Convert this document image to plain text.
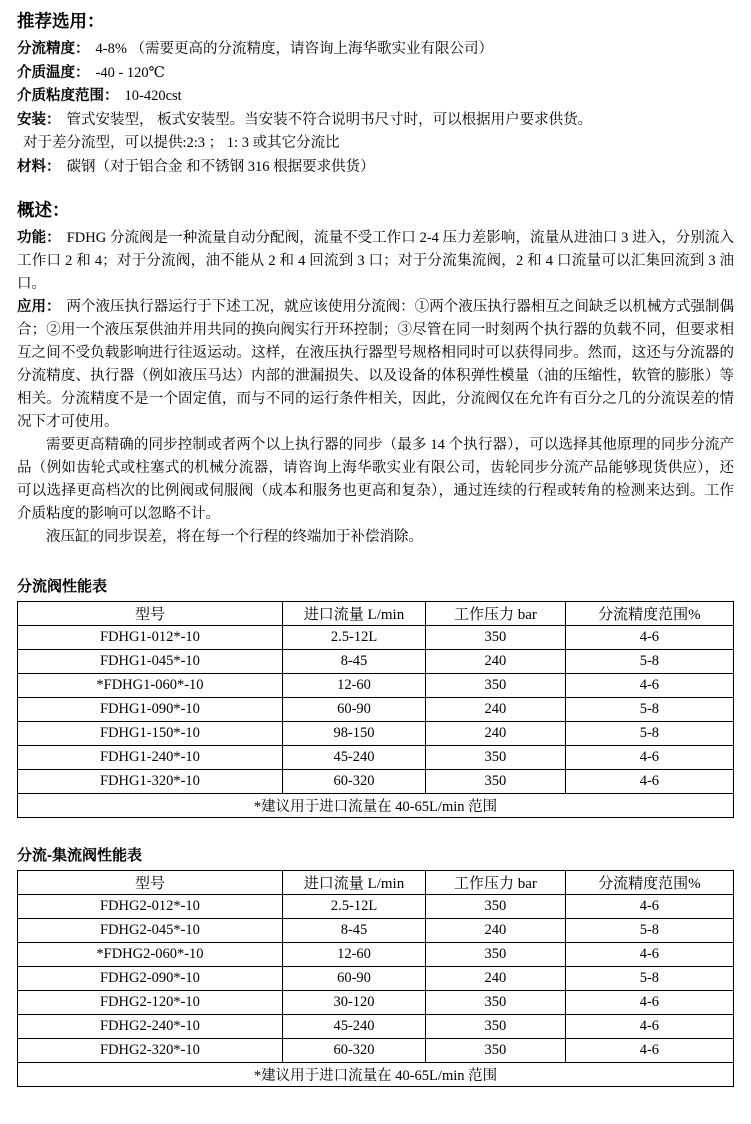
推荐选用：
分流精度： 4-8% （需要更高的分流精度，请咨询上海华歌实业有限公司）
介质温度： -40 - 120℃
介质粘度范围： 10-420cst
安装： 管式安装型， 板式安装型。当安装不符合说明书尺寸时，可以根据用户要求供货。
对于差分流型，可以提供:2:3 ； 1: 3 或其它分流比
材料： 碳钢（对于铝合金 和不锈钢 316 根据要求供货）
概述：

功能： FDHG 分流阀是一种流量自动分配阀，流量不受工作口 2-4 压力差影响，流量从进油口 3 进入，分别流入工作口 2 和 4；对于分流阀，油不能从 2 和 4 回流到 3 口；对于分流集流阀，2 和 4 口流量可以汇集回流到 3 油口。

应用： 两个液压执行器运行于下述工况，就应该使用分流阀：①两个液压执行器相互之间缺乏以机械方式强制偶合；②用一个液压泵供油并用共同的换向阀实行开环控制；③尽管在同一时刻两个执行器的负载不同，但要求相互之间不受负载影响进行往返运动。这样，在液压执行器型号规格相同时可以获得同步。然而，这还与分流器的分流精度、执行器（例如液压马达）内部的泄漏损失、以及设备的体积弹性模量（油的压缩性，软管的膨胀）等相关。分流精度不是一个固定值，而与不同的运行条件相关，因此，分流阀仅在允许有百分之几的分流误差的情况下才可使用。

需要更高精确的同步控制或者两个以上执行器的同步（最多 14 个执行器），可以选择其他原理的同步分流产品（例如齿轮式或柱塞式的机械分流器，请咨询上海华歌实业有限公司，齿轮同步分流产品能够现货供应），还可以选择更高档次的比例阀或伺服阀（成本和服务也更高和复杂），通过连续的行程或转角的检测来达到。工作介质粘度的影响可以忽略不计。

液压缸的同步误差，将在每一个行程的终端加于补偿消除。

分流阀性能表
型号	进口流量 L/min	工作压力 bar	分流精度范围%
FDHG1-012*-10	2.5-12L	350	4-6
FDHG1-045*-10	8-45	240	5-8
*FDHG1-060*-10	12-60	350	4-6
FDHG1-090*-10	60-90	240	5-8
FDHG1-150*-10	98-150	240	5-8
FDHG1-240*-10	45-240	350	4-6
FDHG1-320*-10	60-320	350	4-6
*建议用于进口流量在 40-65L/min 范围			
分流-集流阀性能表
型号	进口流量 L/min	工作压力 bar	分流精度范围%
FDHG2-012*-10	2.5-12L	350	4-6
FDHG2-045*-10	8-45	240	5-8
*FDHG2-060*-10	12-60	350	4-6
FDHG2-090*-10	60-90	240	5-8
FDHG2-120*-10	30-120	350	4-6
FDHG2-240*-10	45-240	350	4-6
FDHG2-320*-10	60-320	350	4-6
*建议用于进口流量在 40-65L/min 范围			
